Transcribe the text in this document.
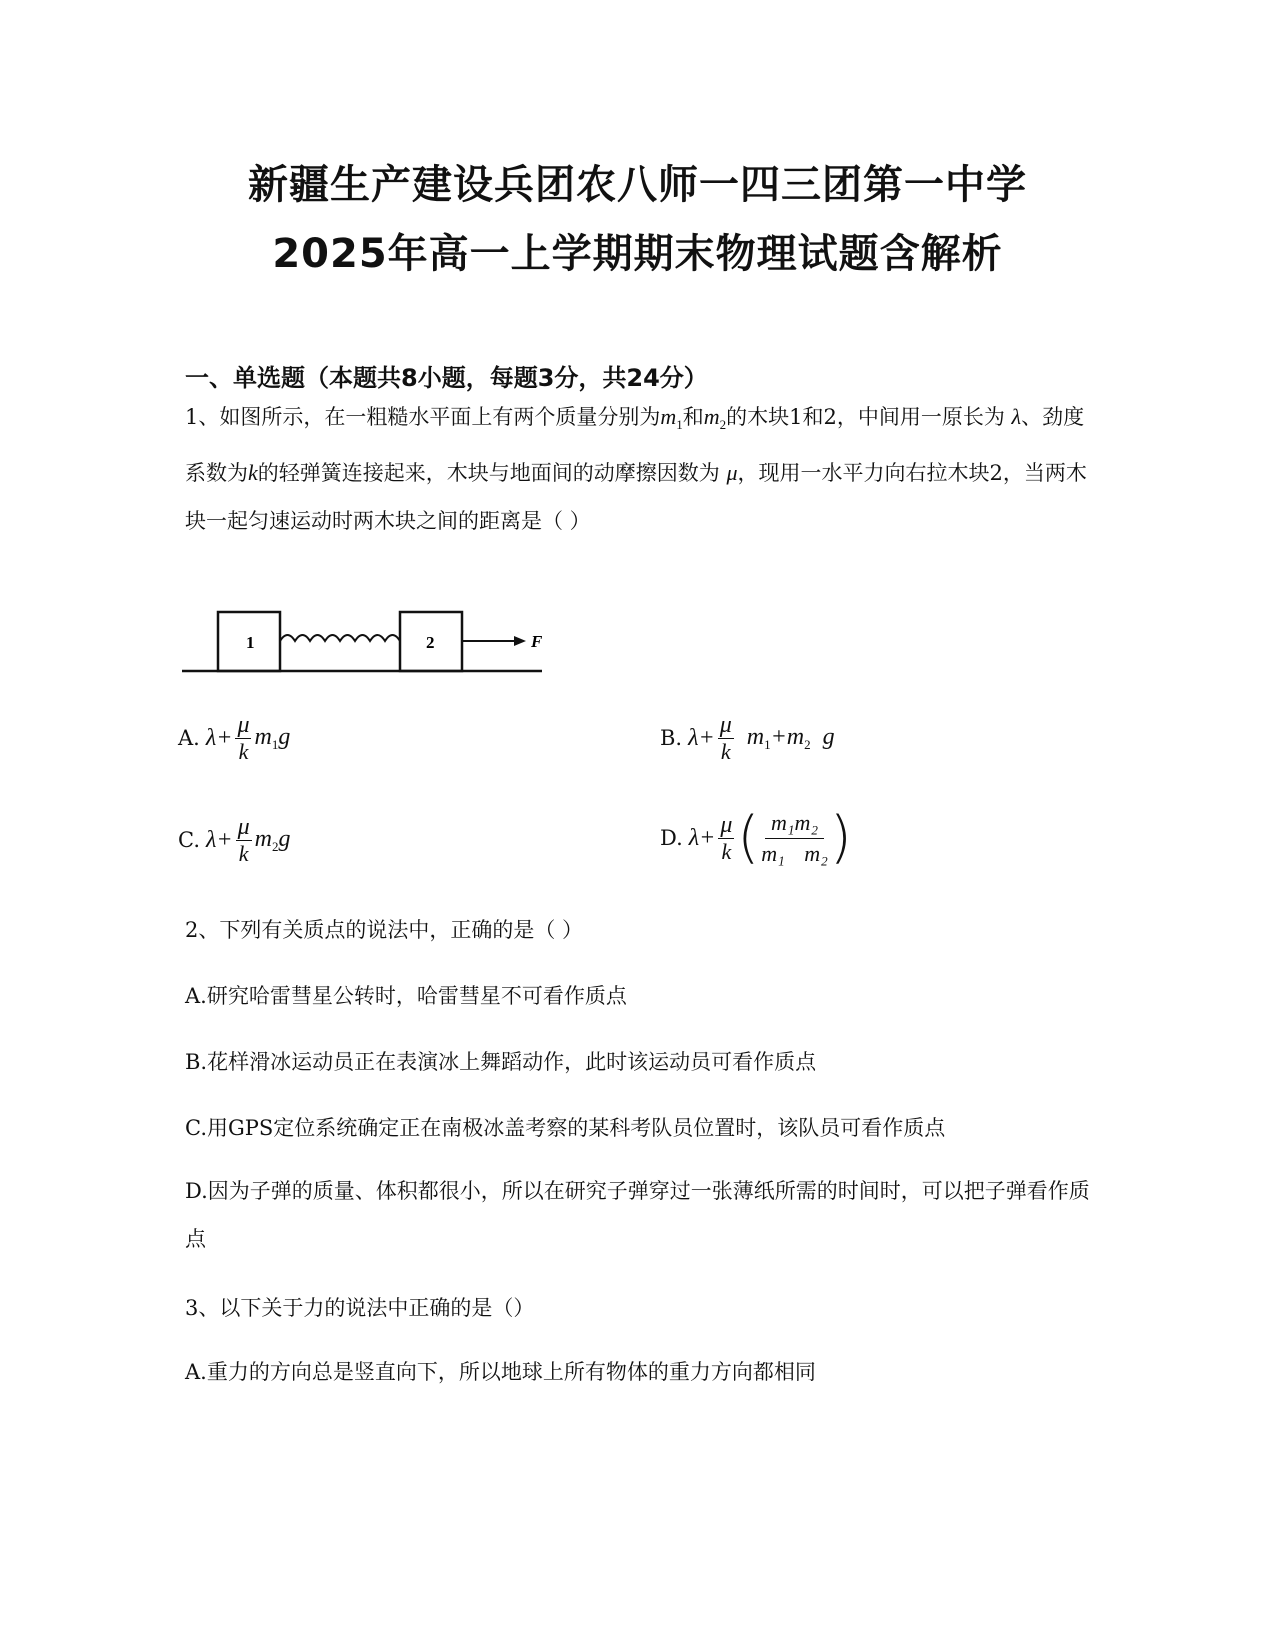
新疆生产建设兵团农八师一四三团第一中学
2025年高一上学期期末物理试题含解析
一、单选题（本题共8小题，每题3分，共24分）

1、如图所示，在一粗糙水平面上有两个质量分别为$m_1$和$m_2$的木块1和2，中间用一原长为 λ、劲度系数为k的轻弹簧连接起来，木块与地面间的动摩擦因数为 μ，现用一水平力向右拉木块2，当两木块一起匀速运动时两木块之间的距离是（ ）

1	2	F
A. $\lambda+ \frac{\mu}{k} m_1g$	B. $\lambda+ \frac{\mu}{k} m_1+m_2$ g
C. $\lambda+ \frac{\mu}{k} m_2g$	D. $\lambda+ \frac{\mu}{k}$ ( $\frac{\text{m₁m₂}}{\text{m₁ m₂}}$ )

2、下列有关质点的说法中，正确的是（ ）

A.研究哈雷彗星公转时，哈雷彗星不可看作质点

B.花样滑冰运动员正在表演冰上舞蹈动作，此时该运动员可看作质点

C.用GPS定位系统确定正在南极冰盖考察的某科考队员位置时，该队员可看作质点

D.因为子弹的质量、体积都很小，所以在研究子弹穿过一张薄纸所需的时间时，可以把子弹看作质点

3、以下关于力的说法中正确的是（）

A.重力的方向总是竖直向下，所以地球上所有物体的重力方向都相同
